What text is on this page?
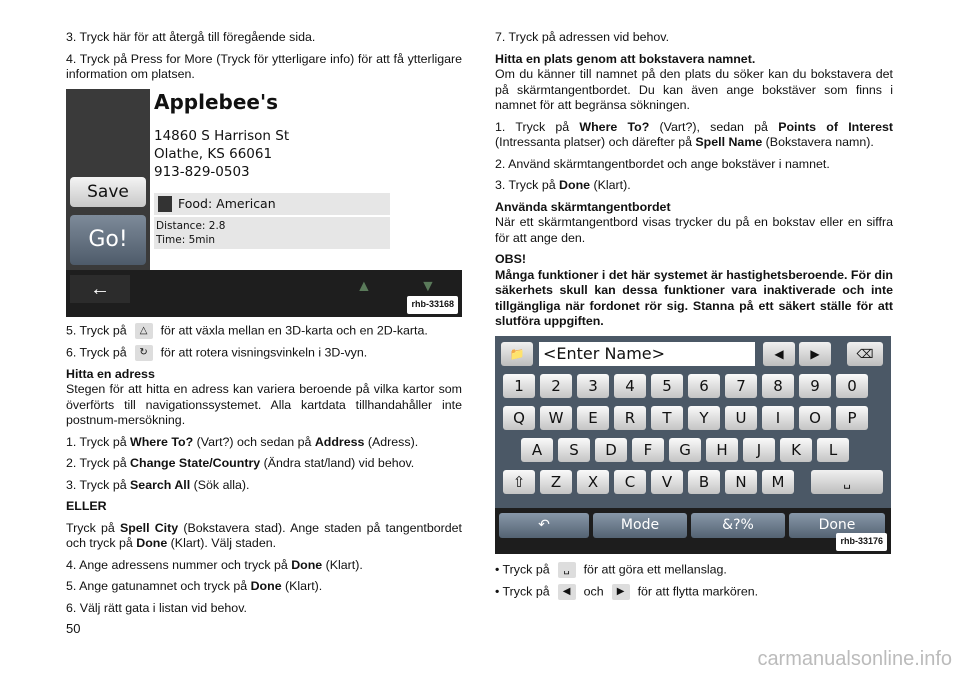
3. Tryck här för att återgå till föregående sida.

4. Tryck på Press for More (Tryck för ytterligare info) för att få ytterligare information om platsen.

Applebee's
14860 S Harrison St
Olathe, KS 66061
913-829-0503
Food: American
Distance: 2.8
Time: 5min
Save
Go!
←	▲	▼
rhb-33168

5. Tryck på △ för att växla mellan en 3D-karta och en 2D-karta.

6. Tryck på ↻ för att rotera visningsvinkeln i 3D-vyn.

Hitta en adress

Stegen för att hitta en adress kan variera beroende på vilka kartor som överförts till navigationssystemet. Alla kartdata tillhandahåller inte postnum-mersökning.

1. Tryck på Where To? (Vart?) och sedan på Address (Adress).

2. Tryck på Change State/Country (Ändra stat/land) vid behov.

3. Tryck på Search All (Sök alla).

ELLER

Tryck på Spell City (Bokstavera stad). Ange staden på tangentbordet och tryck på Done (Klart). Välj staden.

4. Ange adressens nummer och tryck på Done (Klart).

5. Ange gatunamnet och tryck på Done (Klart).

6. Välj rätt gata i listan vid behov.

7. Tryck på adressen vid behov.

Hitta en plats genom att bokstavera namnet.

Om du känner till namnet på den plats du söker kan du bokstavera det på skärmtangentbordet. Du kan även ange bokstäver som finns i namnet för att begränsa sökningen.

1. Tryck på Where To? (Vart?), sedan på Points of Interest (Intressanta platser) och därefter på Spell Name (Bokstavera namn).

2. Använd skärmtangentbordet och ange bokstäver i namnet.

3. Tryck på Done (Klart).

Använda skärmtangentbordet

När ett skärmtangentbord visas trycker du på en bokstav eller en siffra för att ange den.

OBS!

Många funktioner i det här systemet är hastighetsberoende. För din säkerhets skull kan dessa funktioner vara inaktiverade och inte tillgängliga när fordonet rör sig. Stanna på ett säkert ställe för att slutföra uppgiften.

📁	<Enter Name>	◀	▶	⌫
1	2	3	4	5	6	7	8	9	0
Q	W	E	R	T	Y	U	I	O	P
A	S	D	F	G	H	J	K	L
⇧	Z	X	C	V	B	N	M	␣
↶	Mode	&?%	Done
rhb-33176

• Tryck på ␣ för att göra ett mellanslag.

• Tryck på ◀ och ▶ för att flytta markören.

50
carmanualsonline.info
